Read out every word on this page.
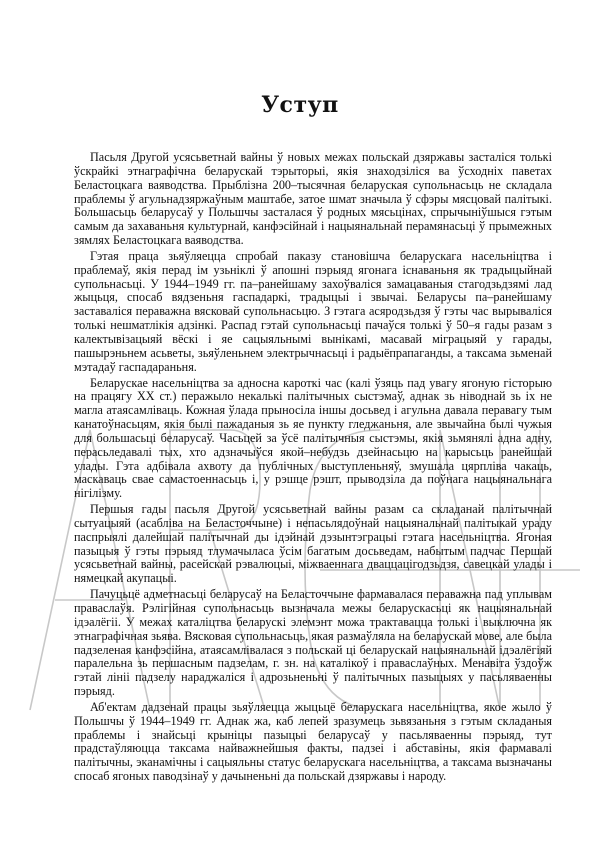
Уступ

Пасьля Другой усясьветнай вайны ў новых межах польскай дзяржавы засталіся толькі ўскрайкі этнаграфічна беларускай тэрыторыі, якія знаходзіліся ва ўсходніх паветах Беластоцкага ваяводства. Прыблізна 200–тысячная беларуская супольнасьць не складала праблемы ў агульнадзяржаўным маштабе, затое шмат значыла ў сфэры мясцовай палітыкі. Большасьць беларусаў у Польшчы засталася ў родных мясьцінах, спрычыніўшыся гэтым самым да захаваньня культурнай, канфэсійнай і нацыянальнай перамянасьці ў прымежных зямлях Беластоцкага ваяводства.

Гэтая праца зьяўляецца спробай паказу становішча беларускага насельніцтва і праблемаў, якія перад ім узьніклі ў апошні пэрыяд ягонага існаваньня як традыцыйнай супольнасьці. У 1944–1949 гг. па–ранейшаму захоўваліся замацаваныя стагодзьдзямі лад жыцьця, спосаб вядзеньня гаспадаркі, традыцыі і звычаі. Беларусы па–ранейшаму заставаліся пераважна вясковай супольнасьцю. З гэтага асяродзьдзя ў гэты час вырываліся толькі нешматлікія адзінкі. Распад гэтай супольнасьці пачаўся толькі ў 50–я гады разам з калектывізацыяй вёскі і яе сацыяльнымі вынікамі, масавай міграцыяй у гарады, пашырэньнем асьветы, зьяўленьнем электрычнасьці і радыёпрапаганды, а таксама зьменай мэтадаў гаспадараньня.

Беларускае насельніцтва за адносна кароткі час (калі ўзяць пад увагу ягоную гісторыю на працягу XX ст.) перажыло некалькі палітычных сыстэмаў, аднак зь ніводнай зь іх не магла атаясамліваць. Кожная ўлада прыносіла іншы досьвед і агульна давала перавагу тым канатоўнасьцям, якія былі пажаданыя зь яе пункту гледжаньня, але звычайна былі чужыя для большасьці беларусаў. Часьцей за ўсё палітычныя сыстэмы, якія зьмянялі адна адну, перасьледавалі тых, хто адзначыўся якой–небудзь дзейнасьцю на карысьць ранейшай улады. Гэта адбівала ахвоту да публічных выступленьняў, змушала цярпліва чакаць, маскаваць свае самастоеннасьць і, у рэшце рэшт, прыводзіла да поўнага нацыянальнага нігілізму.

Першыя гады пасьля Другой усясьветнай вайны разам са складанай палітычнай сытуацыяй (асабліва на Беласточчыне) і непасьлядоўнай нацыянальнай палітыкай ураду паспрыялі далейшай палітычнай ды ідэйнай дэзынтэграцыі гэтага насельніцтва. Ягоная пазыцыя ў гэты пэрыяд тлумачыласа ўсім багатым досьведам, набытым падчас Першай усясьветнай вайны, расейскай рэвалюцыі, міжваеннага дваццацігодзьдзя, савецкай улады і нямецкай акупацыі.

Пачуцьцё адметнасьці беларусаў на Беласточчыне фармавалася пераважна пад уплывам праваслаўя. Рэлігійная супольнасьць вызначала межы беларускасьці як нацыянальнай ідэалёгіі. У межах каталіцтва беларускі элемэнт можа трактавацца толькі і выключна як этнаграфічная зьява. Вясковая супольнасьць, якая размаўляла на беларускай мове, але была падзеленая канфэсійна, атаясамлівалася з польскай ці беларускай нацыянальнай ідэалёгіяй паралельна зь першасным падзелам, г. зн. на каталікоў і праваслаўных. Менавіта ўздоўж гэтай лініі падзелу нараджаліся і адрозьненьні ў палітычных пазыцыях у пасьляваенны пэрыяд.

Аб'ектам дадзенай працы зьяўляецца жыцьцё беларускага насельніцтва, якое жыло ў Польшчы ў 1944–1949 гг. Аднак жа, каб лепей зразумець зьвязаньня з гэтым складаныя праблемы і знайсьці крыніцы пазыцыі беларусаў у пасьляваенны пэрыяд, тут прадстаўляюцца таксама найважнейшыя факты, падзеі і абставіны, якія фармавалі палітычны, эканамічны і сацыяльны статус беларускага насельніцтва, а таксама вызначаны спосаб ягоных паводзінаў у дачыненьні да польскай дзяржавы і народу.
